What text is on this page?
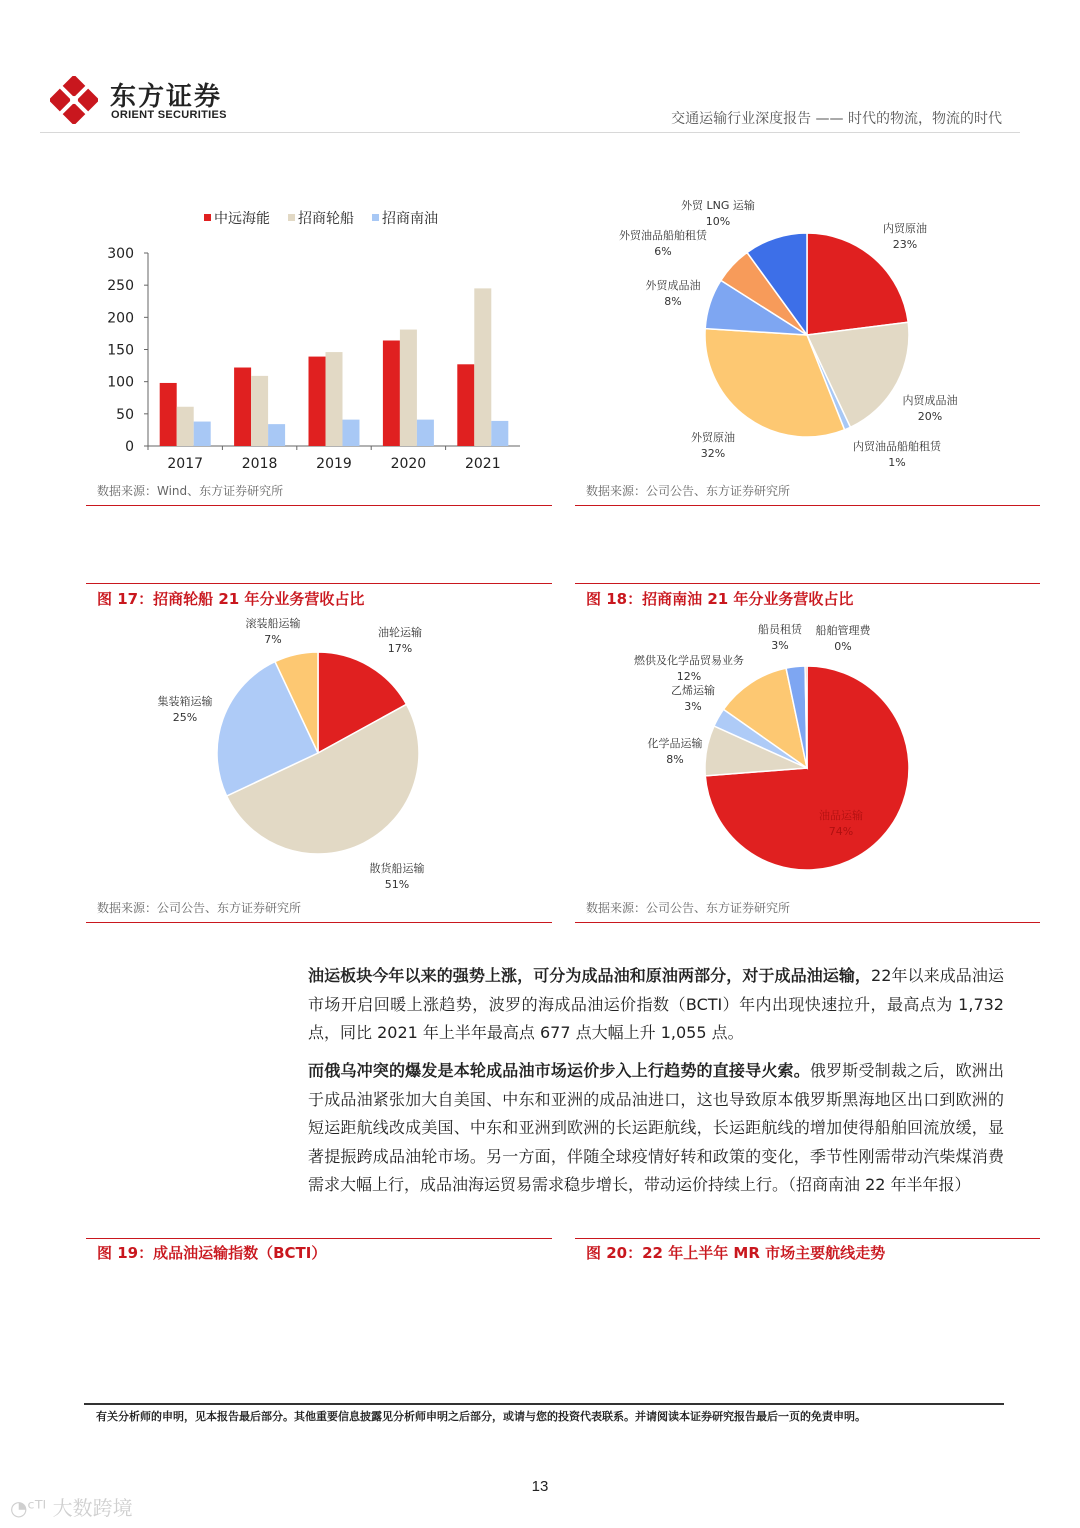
东方证券
ORIENT SECURITIES	交通运输行业深度报告 —— 时代的物流，物流的时代
中远海能 招商轮船 招商南油
0
50
100
150
200
250
300
2017	2018	2019	2020	2021
数据来源：Wind、东方证券研究所
内贸原油
23%
内贸成品油
20%
内贸油品船舶租赁
1%
外贸原油
32%
外贸成品油
8%
外贸油品船舶租赁
6%
外贸 LNG 运输
10%
数据来源：公司公告、东方证券研究所
图 17：招商轮船 21 年分业务营收占比
油轮运输
17%
散货船运输
51%
集装箱运输
25%
滚装船运输
7%
数据来源：公司公告、东方证券研究所
图 18：招商南油 21 年分业务营收占比
油品运输
74%
化学品运输
8%
乙烯运输
3%
燃供及化学品贸易业务
12%
船员租赁
3%
船舶管理费
0%
数据来源：公司公告、东方证券研究所
油运板块今年以来的强势上涨，可分为成品油和原油两部分，对于成品油运输，22年以来成品油运市场开启回暖上涨趋势，波罗的海成品油运价指数（BCTI）年内出现快速拉升，最高点为 1,732 点，同比 2021 年上半年最高点 677 点大幅上升 1,055 点。
而俄乌冲突的爆发是本轮成品油市场运价步入上行趋势的直接导火索。俄罗斯受制裁之后，欧洲出于成品油紧张加大自美国、中东和亚洲的成品油进口，这也导致原本俄罗斯黑海地区出口到欧洲的短运距航线改成美国、中东和亚洲到欧洲的长运距航线，长运距航线的增加使得船舶回流放缓，显著提振跨成品油轮市场。另一方面，伴随全球疫情好转和政策的变化，季节性刚需带动汽柴煤消费需求大幅上行，成品油海运贸易需求稳步增长，带动运价持续上行。（招商南油 22 年半年报）
图 19：成品油运输指数（BCTI）	图 20：22 年上半年 MR 市场主要航线走势
有关分析师的申明，见本报告最后部分。其他重要信息披露见分析师申明之后部分，或请与您的投资代表联系。并请阅读本证券研究报告最后一页的免责申明。
13
◔ᶜᵀᴵ 大数跨境
